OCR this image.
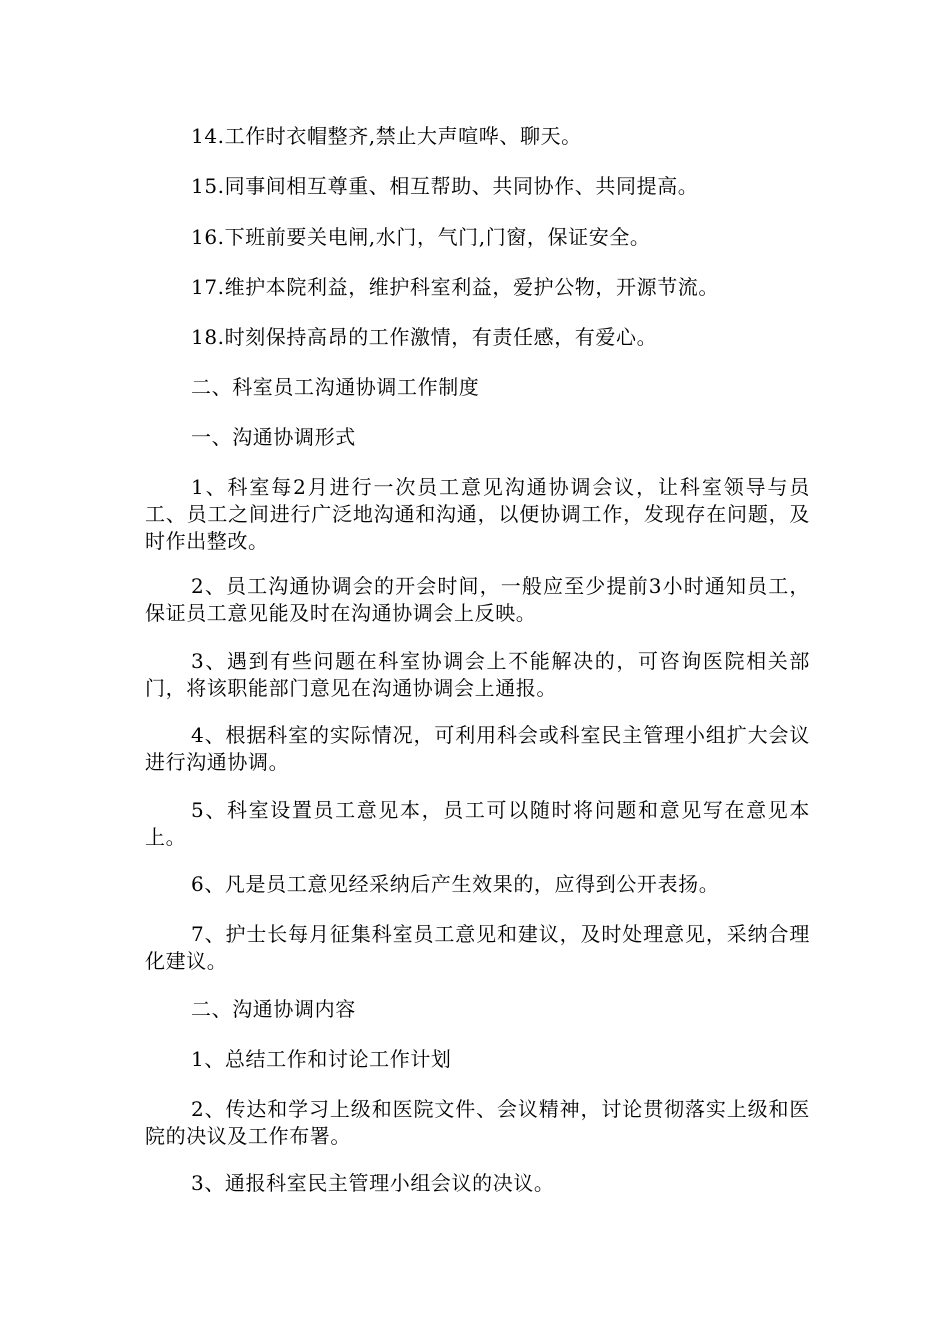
14.工作时衣帽整齐,禁止大声喧哗、聊天。

15.同事间相互尊重、相互帮助、共同协作、共同提高。

16.下班前要关电闸,水门，气门,门窗，保证安全。

17.维护本院利益，维护科室利益，爱护公物，开源节流。

18.时刻保持高昂的工作激情，有责任感，有爱心。

二、科室员工沟通协调工作制度

一、沟通协调形式

1、科室每2月进行一次员工意见沟通协调会议，让科室领导与员工、员工之间进行广泛地沟通和沟通，以便协调工作，发现存在问题，及时作出整改。

2、员工沟通协调会的开会时间，一般应至少提前3小时通知员工，保证员工意见能及时在沟通协调会上反映。

3、遇到有些问题在科室协调会上不能解决的，可咨询医院相关部门，将该职能部门意见在沟通协调会上通报。

4、根据科室的实际情况，可利用科会或科室民主管理小组扩大会议进行沟通协调。

5、科室设置员工意见本，员工可以随时将问题和意见写在意见本上。

6、凡是员工意见经采纳后产生效果的，应得到公开表扬。

7、护士长每月征集科室员工意见和建议，及时处理意见，采纳合理化建议。

二、沟通协调内容

1、总结工作和讨论工作计划

2、传达和学习上级和医院文件、会议精神，讨论贯彻落实上级和医院的决议及工作布署。

3、通报科室民主管理小组会议的决议。
